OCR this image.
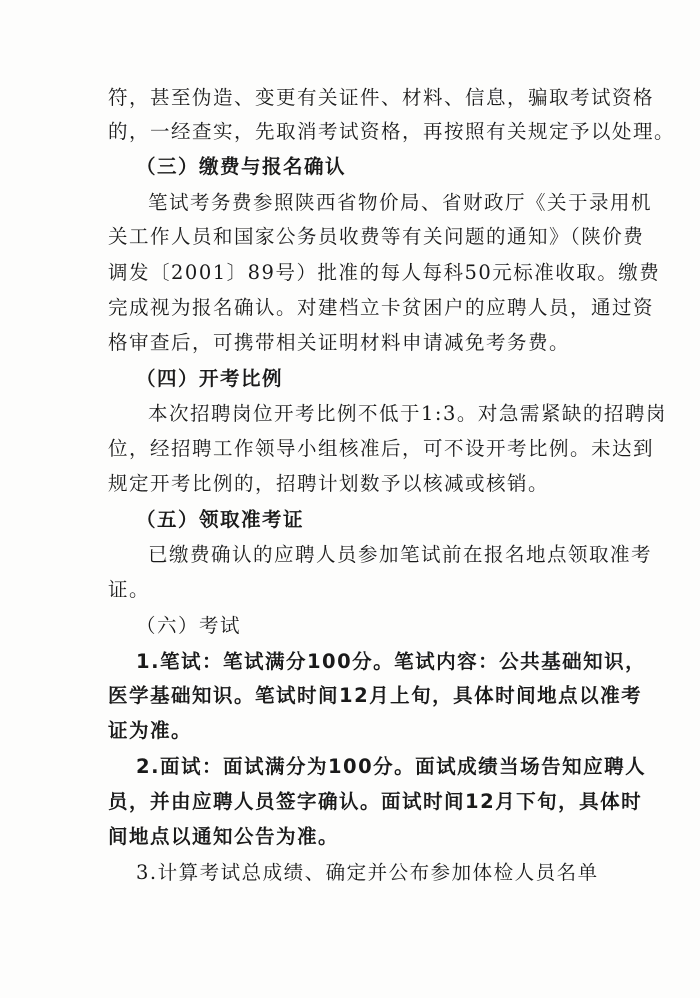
符，甚至伪造、变更有关证件、材料、信息，骗取考试资格
的，一经查实，先取消考试资格，再按照有关规定予以处理。
（三）缴费与报名确认
笔试考务费参照陕西省物价局、省财政厅《关于录用机
关工作人员和国家公务员收费等有关问题的通知》（陕价费
调发〔2001〕89号）批准的每人每科50元标准收取。缴费
完成视为报名确认。对建档立卡贫困户的应聘人员，通过资
格审查后，可携带相关证明材料申请减免考务费。
（四）开考比例
本次招聘岗位开考比例不低于1:3。对急需紧缺的招聘岗
位，经招聘工作领导小组核准后，可不设开考比例。未达到
规定开考比例的，招聘计划数予以核减或核销。
（五）领取准考证
已缴费确认的应聘人员参加笔试前在报名地点领取准考
证。
（六）考试
1.笔试：笔试满分100分。笔试内容：公共基础知识，
医学基础知识。笔试时间12月上旬，具体时间地点以准考
证为准。
2.面试：面试满分为100分。面试成绩当场告知应聘人
员，并由应聘人员签字确认。面试时间12月下旬，具体时
间地点以通知公告为准。
3.计算考试总成绩、确定并公布参加体检人员名单
